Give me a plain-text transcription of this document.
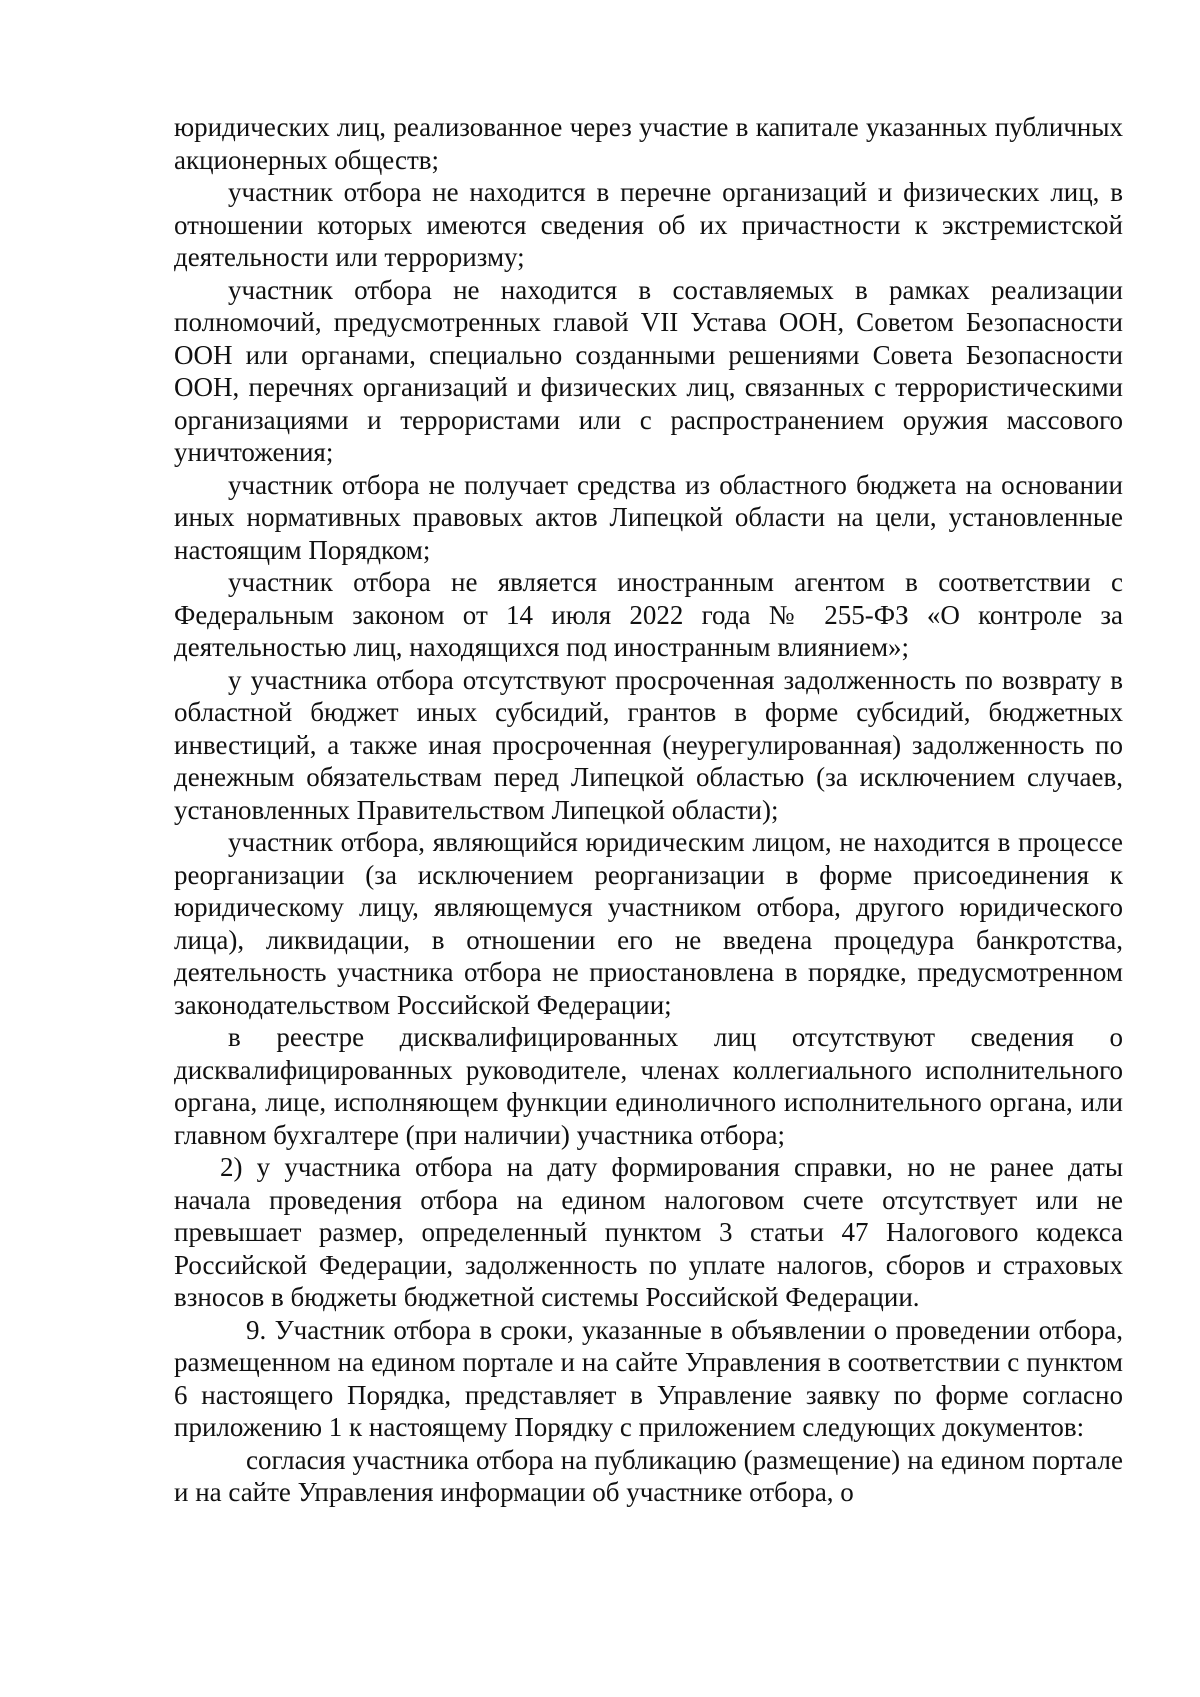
юридических лиц, реализованное через участие в капитале указанных публичных акционерных обществ;

участник отбора не находится в перечне организаций и физических лиц, в отношении которых имеются сведения об их причастности к экстремистской деятельности или терроризму;

участник отбора не находится в составляемых в рамках реализации полномочий, предусмотренных главой VII Устава ООН, Советом Безопасности ООН или органами, специально созданными решениями Совета Безопасности ООН, перечнях организаций и физических лиц, связанных с террористическими организациями и террористами или с распространением оружия массового уничтожения;

участник отбора не получает средства из областного бюджета на основании иных нормативных правовых актов Липецкой области на цели, установленные настоящим Порядком;

участник отбора не является иностранным агентом в соответствии с Федеральным законом от 14 июля 2022 года № 255-ФЗ «О контроле за деятельностью лиц, находящихся под иностранным влиянием»;

у участника отбора отсутствуют просроченная задолженность по возврату в областной бюджет иных субсидий, грантов в форме субсидий, бюджетных инвестиций, а также иная просроченная (неурегулированная) задолженность по денежным обязательствам перед Липецкой областью (за исключением случаев, установленных Правительством Липецкой области);

участник отбора, являющийся юридическим лицом, не находится в процессе реорганизации (за исключением реорганизации в форме присоединения к юридическому лицу, являющемуся участником отбора, другого юридического лица), ликвидации, в отношении его не введена процедура банкротства, деятельность участника отбора не приостановлена в порядке, предусмотренном законодательством Российской Федерации;

в реестре дисквалифицированных лиц отсутствуют сведения о дисквалифицированных руководителе, членах коллегиального исполнительного органа, лице, исполняющем функции единоличного исполнительного органа, или главном бухгалтере (при наличии) участника отбора;

2) у участника отбора на дату формирования справки, но не ранее даты начала проведения отбора на едином налоговом счете отсутствует или не превышает размер, определенный пунктом 3 статьи 47 Налогового кодекса Российской Федерации, задолженность по уплате налогов, сборов и страховых взносов в бюджеты бюджетной системы Российской Федерации.

9. Участник отбора в сроки, указанные в объявлении о проведении отбора, размещенном на едином портале и на сайте Управления в соответствии с пунктом 6 настоящего Порядка, представляет в Управление заявку по форме согласно приложению 1 к настоящему Порядку с приложением следующих документов:

согласия участника отбора на публикацию (размещение) на едином портале и на сайте Управления информации об участнике отбора, о
